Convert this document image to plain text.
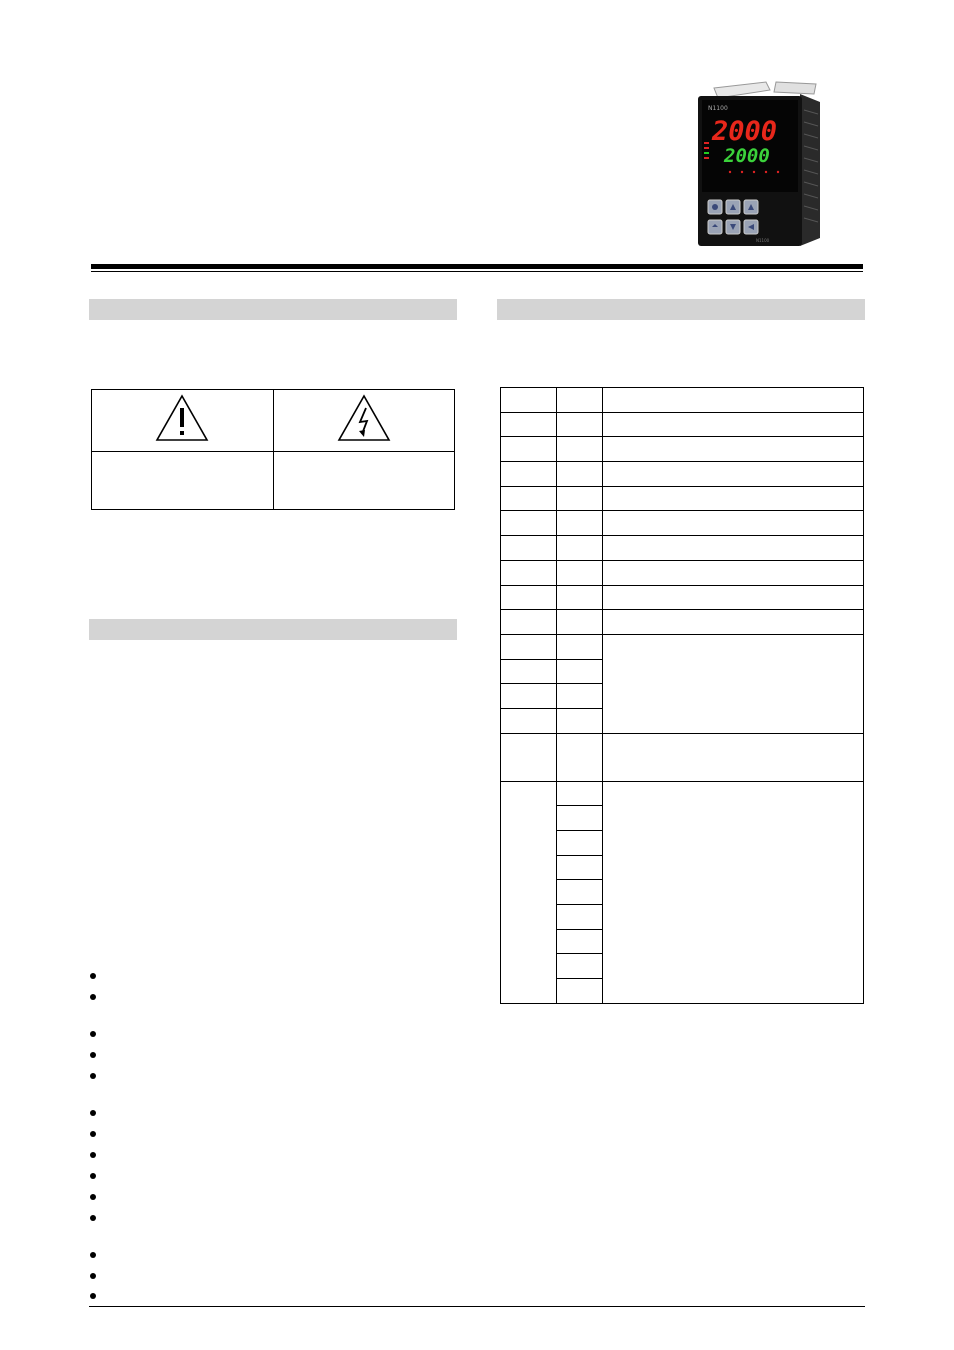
N1100
2000
2000
N1100
